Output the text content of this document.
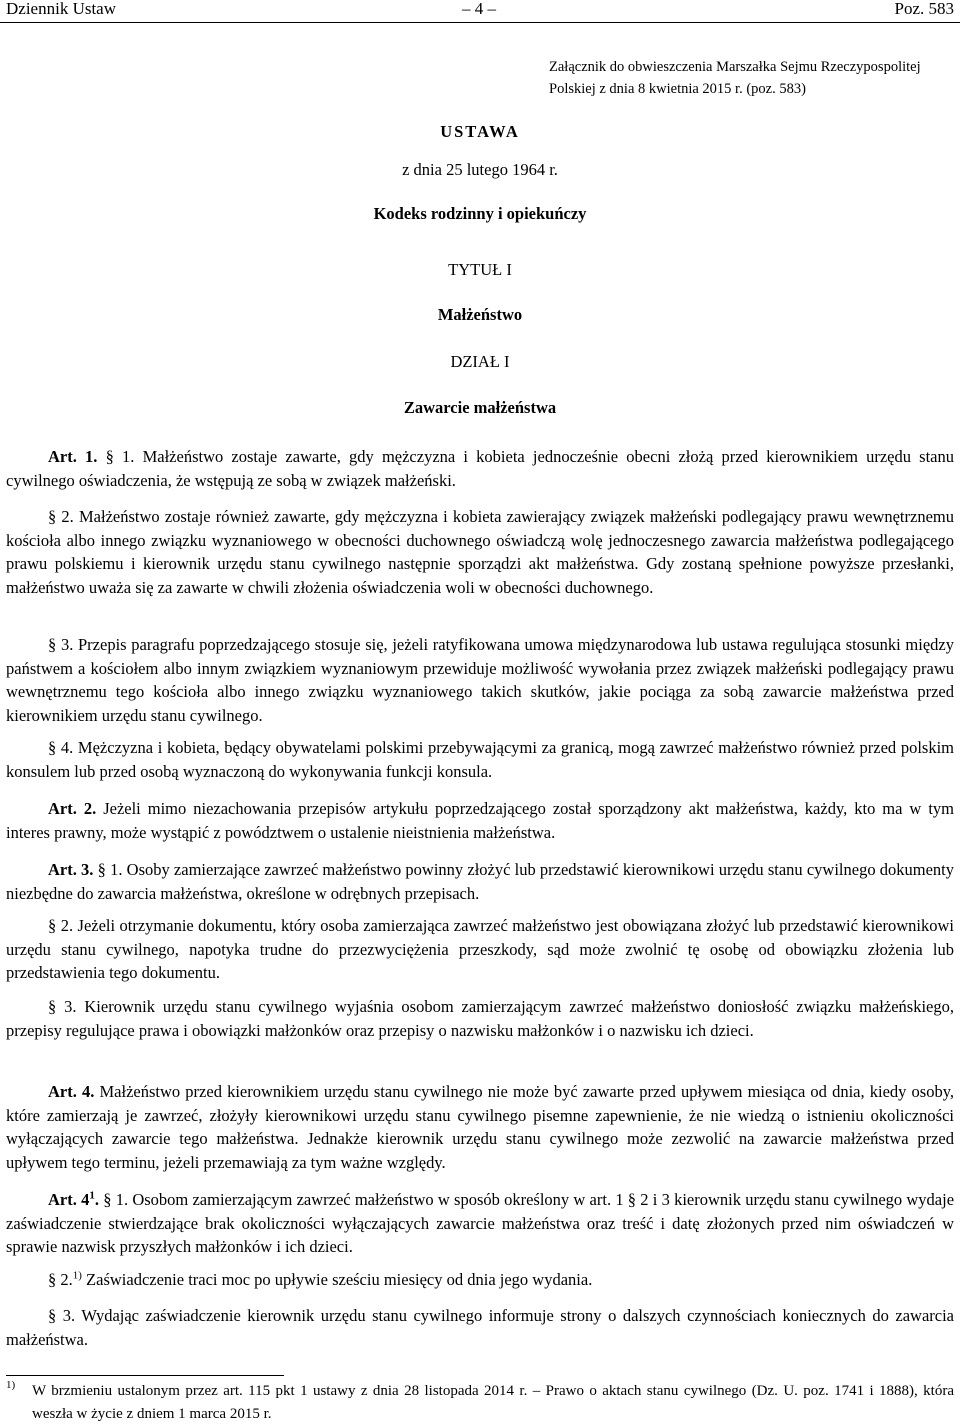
Dziennik Ustaw	– 4 –	Poz. 583
Załącznik do obwieszczenia Marszałka Sejmu Rzeczypospolitej Polskiej z dnia 8 kwietnia 2015 r. (poz. 583)
USTAWA
z dnia 25 lutego 1964 r.
Kodeks rodzinny i opiekuńczy
TYTUŁ I
Małżeństwo
DZIAŁ I
Zawarcie małżeństwa
Art. 1. § 1. Małżeństwo zostaje zawarte, gdy mężczyzna i kobieta jednocześnie obecni złożą przed kierownikiem urzędu stanu cywilnego oświadczenia, że wstępują ze sobą w związek małżeński.
§ 2. Małżeństwo zostaje również zawarte, gdy mężczyzna i kobieta zawierający związek małżeński podlegający prawu wewnętrznemu kościoła albo innego związku wyznaniowego w obecności duchownego oświadczą wolę jednoczesnego zawarcia małżeństwa podlegającego prawu polskiemu i kierownik urzędu stanu cywilnego następnie sporządzi akt małżeństwa. Gdy zostaną spełnione powyższe przesłanki, małżeństwo uważa się za zawarte w chwili złożenia oświadczenia woli w obecności duchownego.
§ 3. Przepis paragrafu poprzedzającego stosuje się, jeżeli ratyfikowana umowa międzynarodowa lub ustawa regulująca stosunki między państwem a kościołem albo innym związkiem wyznaniowym przewiduje możliwość wywołania przez związek małżeński podlegający prawu wewnętrznemu tego kościoła albo innego związku wyznaniowego takich skutków, jakie pociąga za sobą zawarcie małżeństwa przed kierownikiem urzędu stanu cywilnego.
§ 4. Mężczyzna i kobieta, będący obywatelami polskimi przebywającymi za granicą, mogą zawrzeć małżeństwo również przed polskim konsulem lub przed osobą wyznaczoną do wykonywania funkcji konsula.
Art. 2. Jeżeli mimo niezachowania przepisów artykułu poprzedzającego został sporządzony akt małżeństwa, każdy, kto ma w tym interes prawny, może wystąpić z powództwem o ustalenie nieistnienia małżeństwa.
Art. 3. § 1. Osoby zamierzające zawrzeć małżeństwo powinny złożyć lub przedstawić kierownikowi urzędu stanu cywilnego dokumenty niezbędne do zawarcia małżeństwa, określone w odrębnych przepisach.
§ 2. Jeżeli otrzymanie dokumentu, który osoba zamierzająca zawrzeć małżeństwo jest obowiązana złożyć lub przedstawić kierownikowi urzędu stanu cywilnego, napotyka trudne do przezwyciężenia przeszkody, sąd może zwolnić tę osobę od obowiązku złożenia lub przedstawienia tego dokumentu.
§ 3. Kierownik urzędu stanu cywilnego wyjaśnia osobom zamierzającym zawrzeć małżeństwo doniosłość związku małżeńskiego, przepisy regulujące prawa i obowiązki małżonków oraz przepisy o nazwisku małżonków i o nazwisku ich dzieci.
Art. 4. Małżeństwo przed kierownikiem urzędu stanu cywilnego nie może być zawarte przed upływem miesiąca od dnia, kiedy osoby, które zamierzają je zawrzeć, złożyły kierownikowi urzędu stanu cywilnego pisemne zapewnienie, że nie wiedzą o istnieniu okoliczności wyłączających zawarcie tego małżeństwa. Jednakże kierownik urzędu stanu cywilnego może zezwolić na zawarcie małżeństwa przed upływem tego terminu, jeżeli przemawiają za tym ważne względy.
Art. $4^1$. § 1. Osobom zamierzającym zawrzeć małżeństwo w sposób określony w art. 1 § 2 i 3 kierownik urzędu stanu cywilnego wydaje zaświadczenie stwierdzające brak okoliczności wyłączających zawarcie małżeństwa oraz treść i datę złożonych przed nim oświadczeń w sprawie nazwisk przyszłych małżonków i ich dzieci.
§ 2.$^{1)}$ Zaświadczenie traci moc po upływie sześciu miesięcy od dnia jego wydania.
§ 3. Wydając zaświadczenie kierownik urzędu stanu cywilnego informuje strony o dalszych czynnościach koniecznych do zawarcia małżeństwa.
1) W brzmieniu ustalonym przez art. 115 pkt 1 ustawy z dnia 28 listopada 2014 r. – Prawo o aktach stanu cywilnego (Dz. U. poz. 1741 i 1888), która weszła w życie z dniem 1 marca 2015 r.
